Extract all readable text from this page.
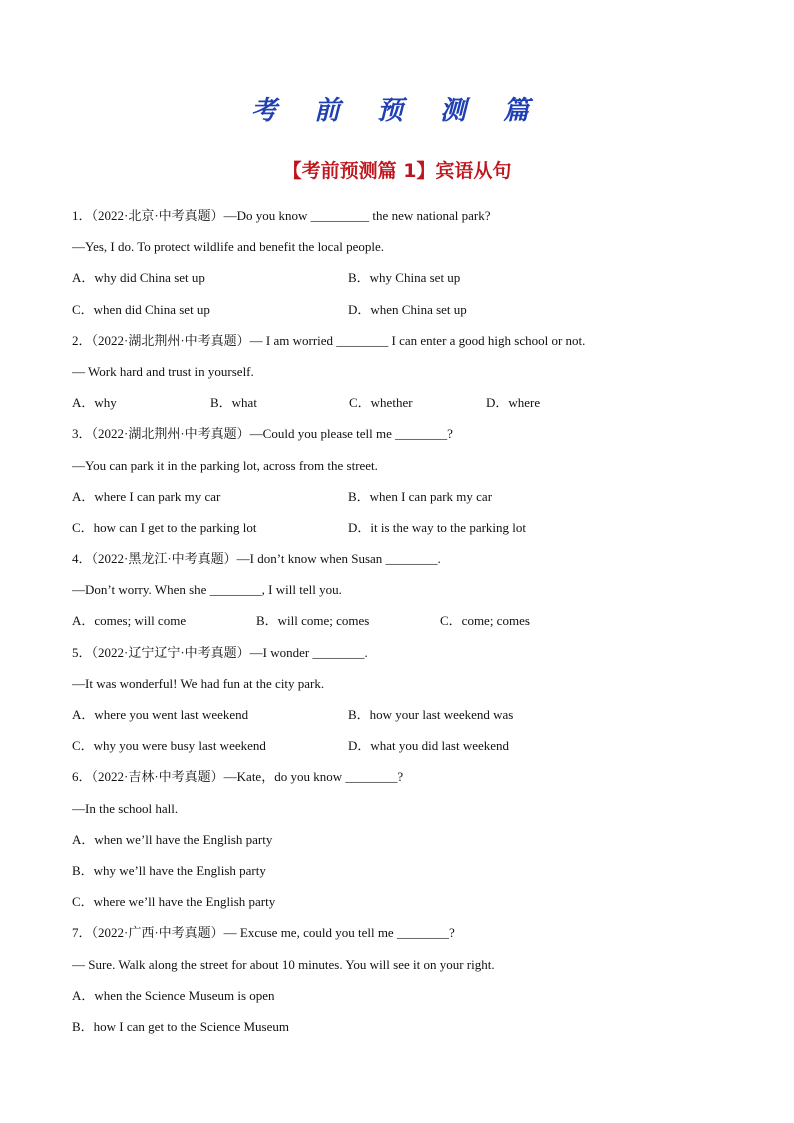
考 前 预 测 篇
【考前预测篇 1】宾语从句
1．（2022·北京·中考真题）—Do you know _________ the new national park?
—Yes, I do. To protect wildlife and benefit the local people.
A．why did China set up	B．why China set up
C．when did China set up	D．when China set up
2．（2022·湖北荆州·中考真题）— I am worried ________ I can enter a good high school or not.
— Work hard and trust in yourself.
A．why	B．what	C．whether	D．where
3．（2022·湖北荆州·中考真题）—Could you please tell me ________?
—You can park it in the parking lot, across from the street.
A．where I can park my car	B．when I can park my car
C．how can I get to the parking lot	D．it is the way to the parking lot
4．（2022·黑龙江·中考真题）—I don’t know when Susan ________.
—Don’t worry. When she ________, I will tell you.
A．comes; will come	B．will come; comes	C．come; comes
5．（2022·辽宁辽宁·中考真题）—I wonder ________.
—It was wonderful! We had fun at the city park.
A．where you went last weekend	B．how your last weekend was
C．why you were busy last weekend	D．what you did last weekend
6．（2022·吉林·中考真题）—Kate，do you know ________?
—In the school hall.
A．when we’ll have the English party
B．why we’ll have the English party
C．where we’ll have the English party
7．（2022·广西·中考真题）— Excuse me, could you tell me ________?
— Sure. Walk along the street for about 10 minutes. You will see it on your right.
A．when the Science Museum is open
B．how I can get to the Science Museum
